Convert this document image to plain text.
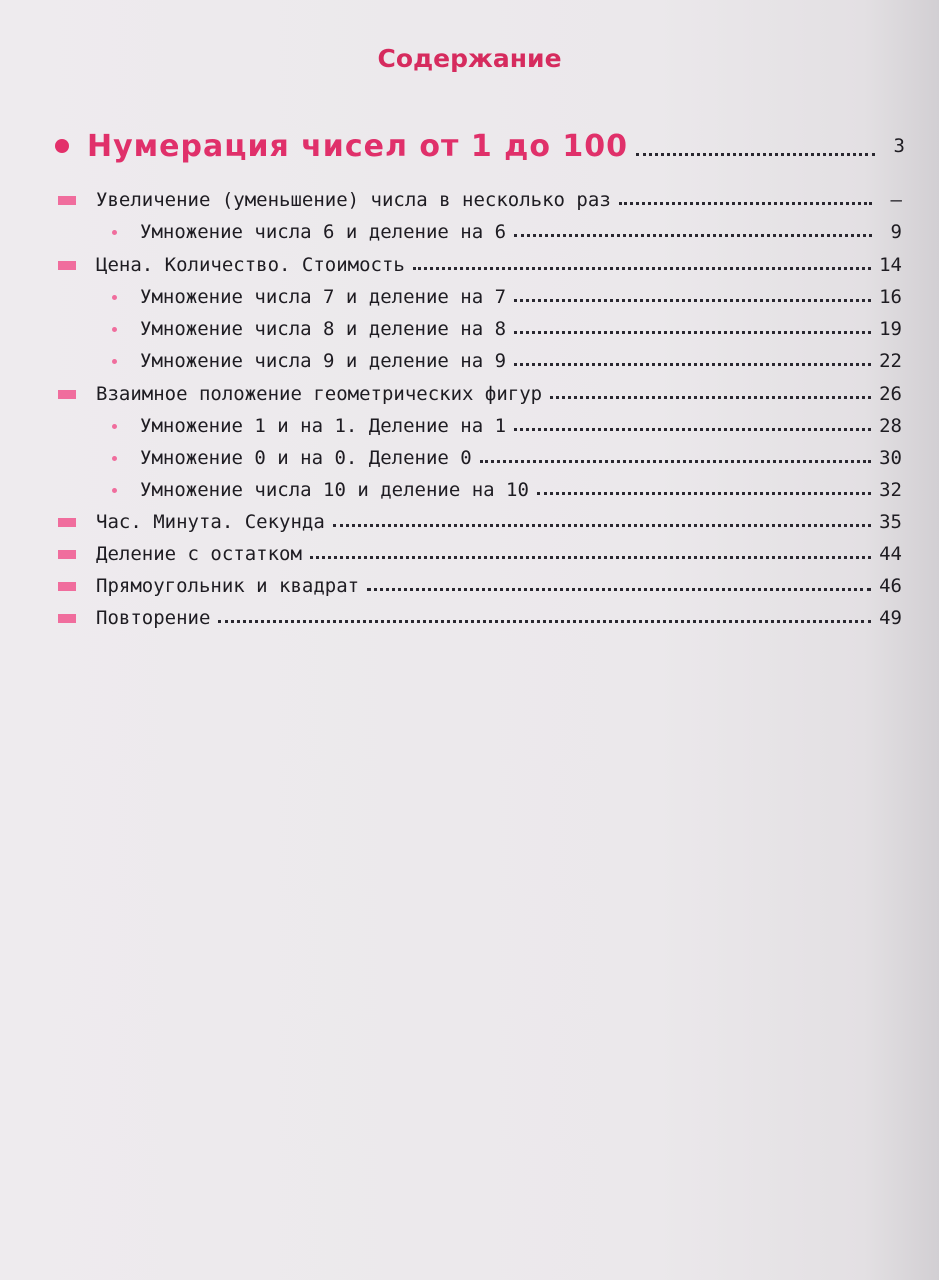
Содержание
Нумерация чисел от 1 до 100	3
Увеличение (уменьшение) числа в несколько раз	—
Умножение числа 6 и деление на 6	9
Цена. Количество. Стоимость	14
Умножение числа 7 и деление на 7	16
Умножение числа 8 и деление на 8	19
Умножение числа 9 и деление на 9	22
Взаимное положение геометрических фигур	26
Умножение 1 и на 1. Деление на 1	28
Умножение 0 и на 0. Деление 0	30
Умножение числа 10 и деление на 10	32
Час. Минута. Секунда	35
Деление с остатком	44
Прямоугольник и квадрат	46
Повторение	49
